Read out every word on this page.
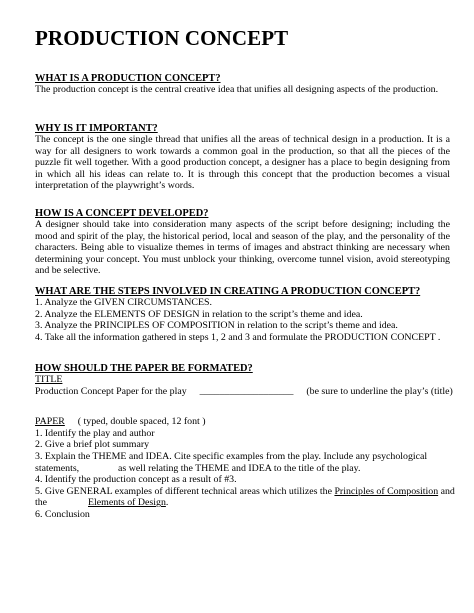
PRODUCTION CONCEPT
WHAT IS A PRODUCTION CONCEPT?

The production concept is the central creative idea that unifies all designing aspects of the production.

WHY IS IT IMPORTANT?

The concept is the one single thread that unifies all the areas of technical design in a production. It is a way for all designers to work towards a common goal in the production, so that all the pieces of the puzzle fit well together. With a good production concept, a designer has a place to begin designing from in which all his ideas can relate to. It is through this concept that the production becomes a visual interpretation of the playwright’s words.

HOW IS A CONCEPT DEVELOPED?

A designer should take into consideration many aspects of the script before designing; including the mood and spirit of the play, the historical period, local and season of the play, and the personality of the characters. Being able to visualize themes in terms of images and abstract thinking are necessary when determining your concept. You must unblock your thinking, overcome tunnel vision, avoid stereotyping and be selective.

WHAT ARE THE STEPS INVOLVED IN CREATING A PRODUCTION CONCEPT?
1. Analyze the GIVEN CIRCUMSTANCES.
2. Analyze the ELEMENTS OF DESIGN in relation to the script’s theme and idea.
3. Analyze the PRINCIPLES OF COMPOSITION in relation to the script’s theme and idea.
4. Take all the information gathered in steps 1, 2 and 3 and formulate the PRODUCTION CONCEPT .
HOW SHOULD THE PAPER BE FORMATED?
TITLE
Production Concept Paper for the play ___________________ (be sure to underline the play’s (title)
PAPER ( typed, double spaced, 12 font )
1. Identify the play and author
2. Give a brief plot summary
3. Explain the THEME and IDEA. Cite specific examples from the play. Include any psychological
statements,	as well relating the THEME and IDEA to the title of the play.
4. Identify the production concept as a result of #3.
5. Give GENERAL examples of different technical areas which utilizes the Principles of Composition and
the	Elements of Design.
6. Conclusion
